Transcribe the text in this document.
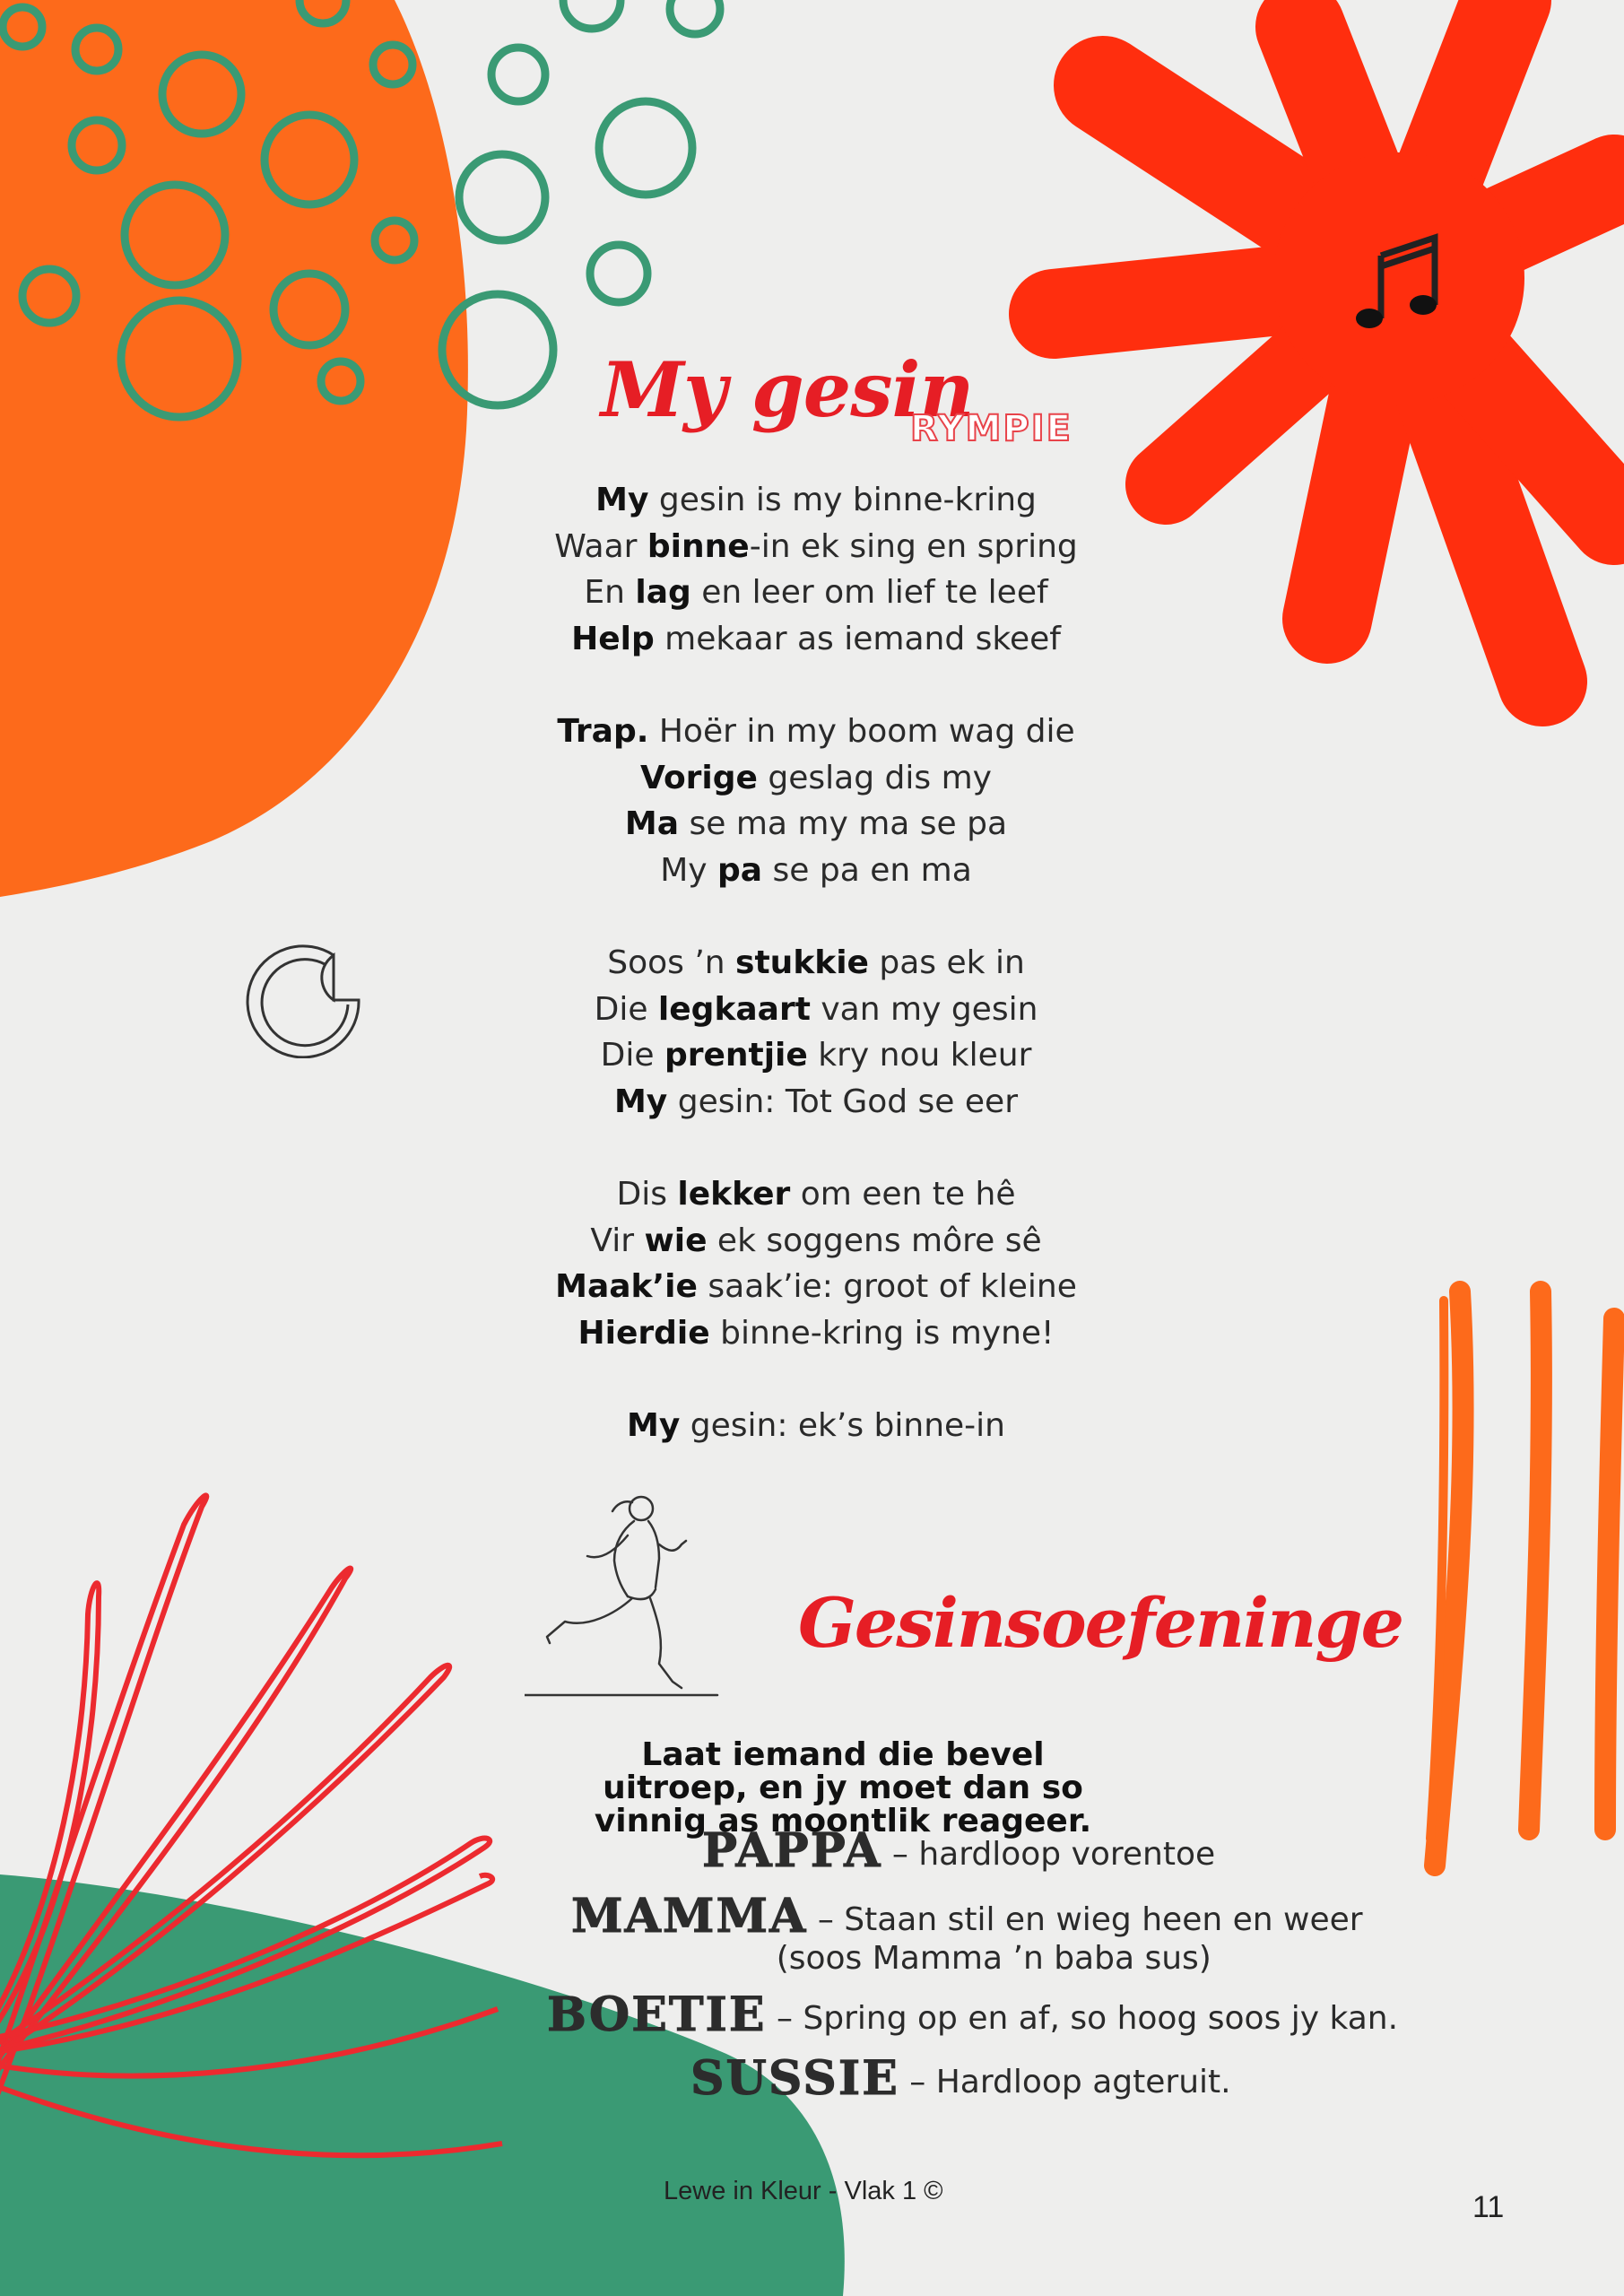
My gesin
RYMPIE
My gesin is my binne-kring
Waar binne-in ek sing en spring
En lag en leer om lief te leef
Help mekaar as iemand skeef
Trap. Hoër in my boom wag die
Vorige geslag dis my
Ma se ma my ma se pa
My pa se pa en ma
Soos ’n stukkie pas ek in
Die legkaart van my gesin
Die prentjie kry nou kleur
My gesin: Tot God se eer
Dis lekker om een te hê
Vir wie ek soggens môre sê
Maak’ie saak’ie: groot of kleine
Hierdie binne-kring is myne!
My gesin: ek’s binne-in
Gesinsoefeninge
Laat iemand die bevel uitroep, en jy moet dan so vinnig as moontlik reageer.
PAPPA – hardloop vorentoe
MAMMA – Staan stil en wieg heen en weer
(soos Mamma ’n baba sus)
BOETIE – Spring op en af, so hoog soos jy kan.
SUSSIE – Hardloop agteruit.
Lewe in Kleur - Vlak 1 ©	11
